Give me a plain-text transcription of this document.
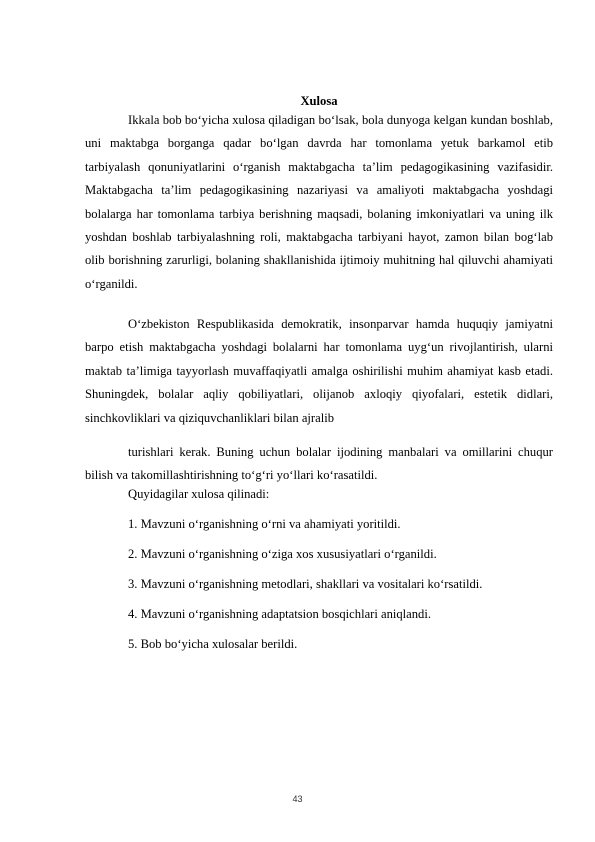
Xulosa
Ikkala bob bo‘yicha xulosa qiladigan bo‘lsak, bola dunyoga kelgan kundan boshlab, uni maktabga borganga qadar bo‘lgan davrda har tomonlama yetuk barkamol etib tarbiyalash qonuniyatlarini o‘rganish maktabgacha ta’lim pedagogikasining vazifasidir. Maktabgacha ta’lim pedagogikasining nazariyasi va amaliyoti maktabgacha yoshdagi bolalarga har tomonlama tarbiya berishning maqsadi, bolaning imkoniyatlari va uning ilk yoshdan boshlab tarbiyalashning roli, maktabgacha tarbiyani hayot, zamon bilan bog‘lab olib borishning zarurligi, bolaning shakllanishida ijtimoiy muhitning hal qiluvchi ahamiyati o‘rganildi.
O‘zbekiston Respublikasida demokratik, insonparvar hamda huquqiy jamiyatni barpo etish maktabgacha yoshdagi bolalarni har tomonlama uyg‘un rivojlantirish, ularni maktab ta’limiga tayyorlash muvaffaqiyatli amalga oshirilishi muhim ahamiyat kasb etadi. Shuningdek, bolalar aqliy qobiliyatlari, olijanob axloqiy qiyofalari, estetik didlari, sinchkovliklari va qiziquvchanliklari bilan ajralib
turishlari kerak. Buning uchun bolalar ijodining manbalari va omillarini chuqur bilish va takomillashtirishning to‘g‘ri yo‘llari ko‘rasatildi.
Quyidagilar xulosa qilinadi:
1. Mavzuni o‘rganishning o‘rni va ahamiyati yoritildi.
2. Mavzuni o‘rganishning o‘ziga xos xususiyatlari o‘rganildi.
3. Mavzuni o‘rganishning metodlari, shakllari va vositalari ko‘rsatildi.
4. Mavzuni o‘rganishning adaptatsion bosqichlari aniqlandi.
5. Bob bo‘yicha xulosalar berildi.
43
